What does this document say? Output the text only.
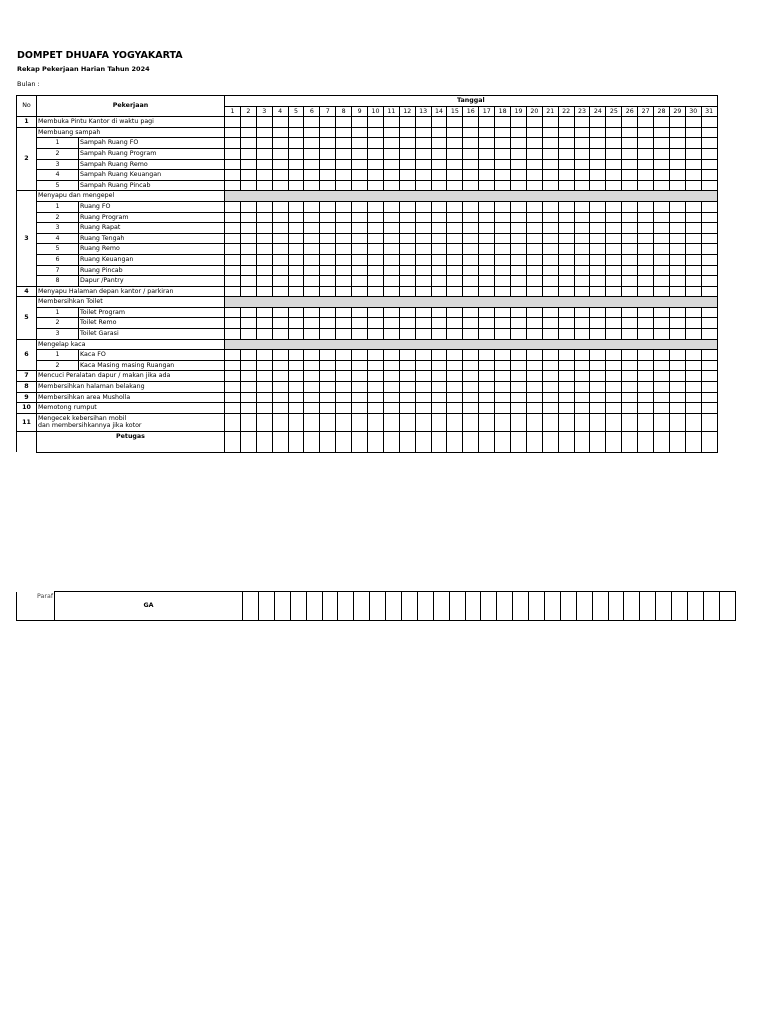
DOMPET DHUAFA YOGYAKARTA
Rekap Pekerjaan Harian Tahun 2024
Bulan :
No	Pekerjaan		Tanggal																														
			1	2	3	4	5	6	7	8	9	10	11	12	13	14	15	16	17	18	19	20	21	22	23	24	25	26	27	28	29	30	31
1	Membuka Pintu Kantor di waktu pagi																																
2	Membuang sampah																																
	1	Sampah Ruang FO																															
	2	Sampah Ruang Program																															
	3	Sampah Ruang Remo																															
	4	Sampah Ruang Keuangan																															
	5	Sampah Ruang Pincab																															
3	Menyapu dan mengepel																																
	1	Ruang FO																															
	2	Ruang Program																															
	3	Ruang Rapat																															
	4	Ruang Tengah																															
	5	Ruang Remo																															
	6	Ruang Keuangan																															
	7	Ruang Pincab																															
	8	Dapur /Pantry																															
4	Menyapu Halaman depan kantor / parkiran																																
5	Membersihkan Toilet																																
	1	Toilet Program																															
	2	Toilet Remo																															
	3	Toilet Garasi																															
6	Mengelap kaca																																
	1	Kaca FO																															
	2	Kaca Masing masing Ruangan																															
7	Mencuci Peralatan dapur / makan jika ada																																
8	Membersihkan halaman belakang																																
9	Membersihkan area Musholla																																
10	Memotong rumput																																
11	Mengecek kebersihan mobil
dan membersihkannya jika kotor																																

	Petugas																																
Paraf	GA																															
